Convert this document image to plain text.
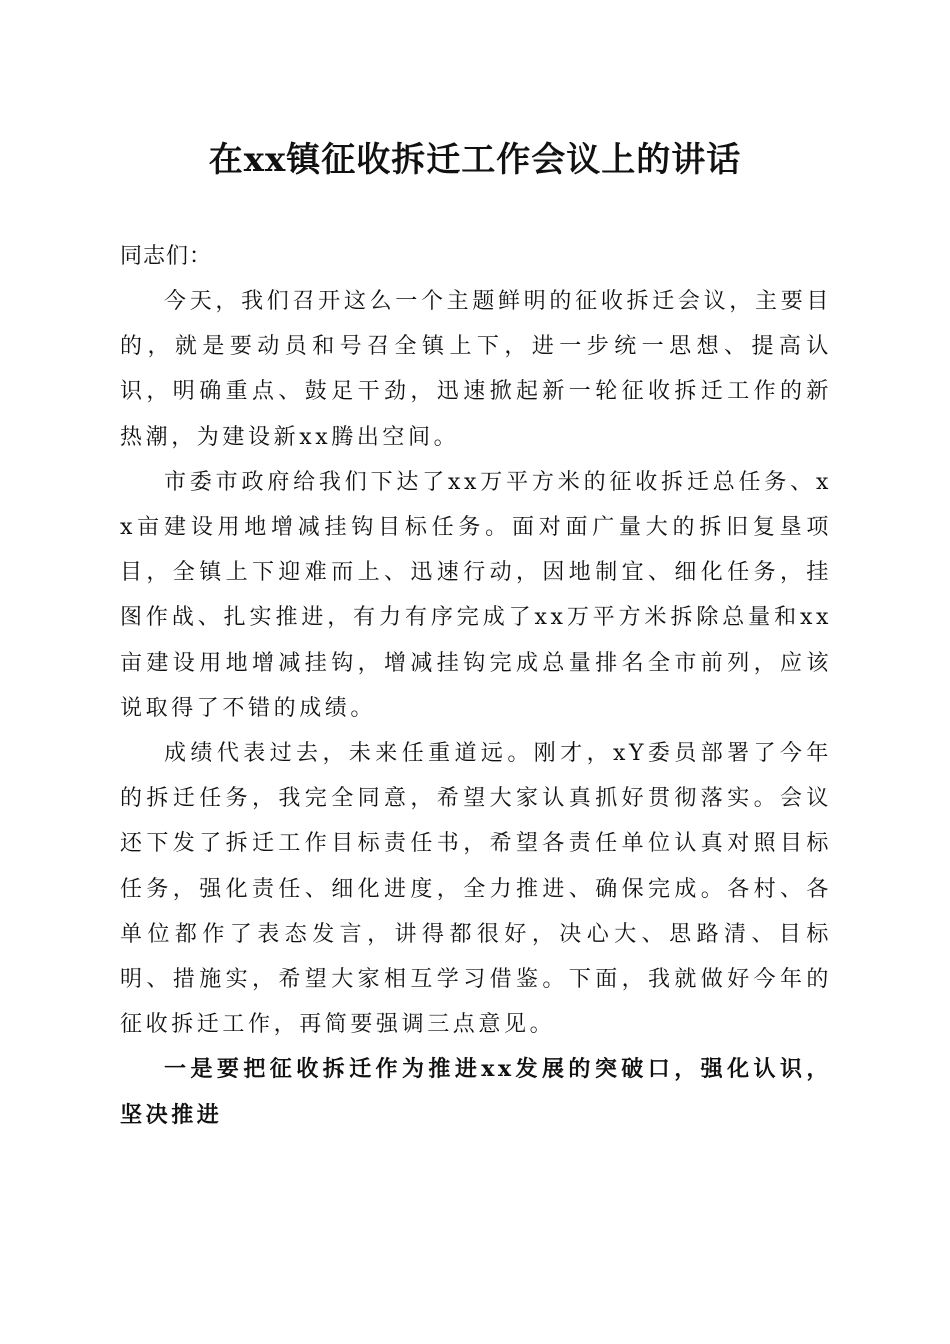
在xx镇征收拆迁工作会议上的讲话

同志们：

今天，我们召开这么一个主题鲜明的征收拆迁会议，主要目的，就是要动员和号召全镇上下，进一步统一思想、提高认识，明确重点、鼓足干劲，迅速掀起新一轮征收拆迁工作的新热潮，为建设新xx腾出空间。

市委市政府给我们下达了xx万平方米的征收拆迁总任务、xx亩建设用地增减挂钩目标任务。面对面广量大的拆旧复垦项目，全镇上下迎难而上、迅速行动，因地制宜、细化任务，挂图作战、扎实推进，有力有序完成了xx万平方米拆除总量和xx亩建设用地增减挂钩，增减挂钩完成总量排名全市前列，应该说取得了不错的成绩。

成绩代表过去，未来任重道远。刚才，xY委员部署了今年的拆迁任务，我完全同意，希望大家认真抓好贯彻落实。会议还下发了拆迁工作目标责任书，希望各责任单位认真对照目标任务，强化责任、细化进度，全力推进、确保完成。各村、各单位都作了表态发言，讲得都很好，决心大、思路清、目标明、措施实，希望大家相互学习借鉴。下面，我就做好今年的征收拆迁工作，再简要强调三点意见。

一是要把征收拆迁作为推进xx发展的突破口，强化认识，坚决推进
